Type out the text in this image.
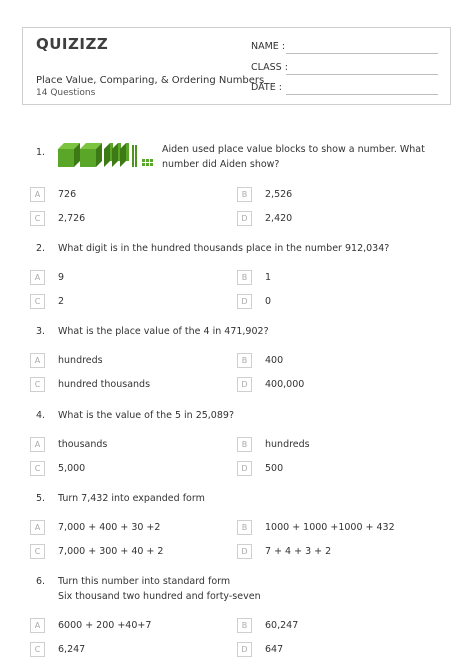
QUIZIZZ
Place Value, Comparing, & Ordering Numbers
14 Questions
NAME :
CLASS :
DATE :
1.	Aiden used place value blocks to show a number. What number did Aiden show?
A	726	B	2,526
C	2,726	D	2,420
2. What digit is in the hundred thousands place in the number 912,034?
A	9	B	1
C	2	D	0
3. What is the place value of the 4 in 471,902?
A	hundreds	B	400
C	hundred thousands	D	400,000
4. What is the value of the 5 in 25,089?
A	thousands	B	hundreds
C	5,000	D	500
5. Turn 7,432 into expanded form
A	7,000 + 400 + 30 +2	B	1000 + 1000 +1000 + 432
C	7,000 + 300 + 40 + 2	D	7 + 4 + 3 + 2
6. Turn this number into standard form
Six thousand two hundred and forty-seven
A	6000 + 200 +40+7	B	60,247
C	6,247	D	647
